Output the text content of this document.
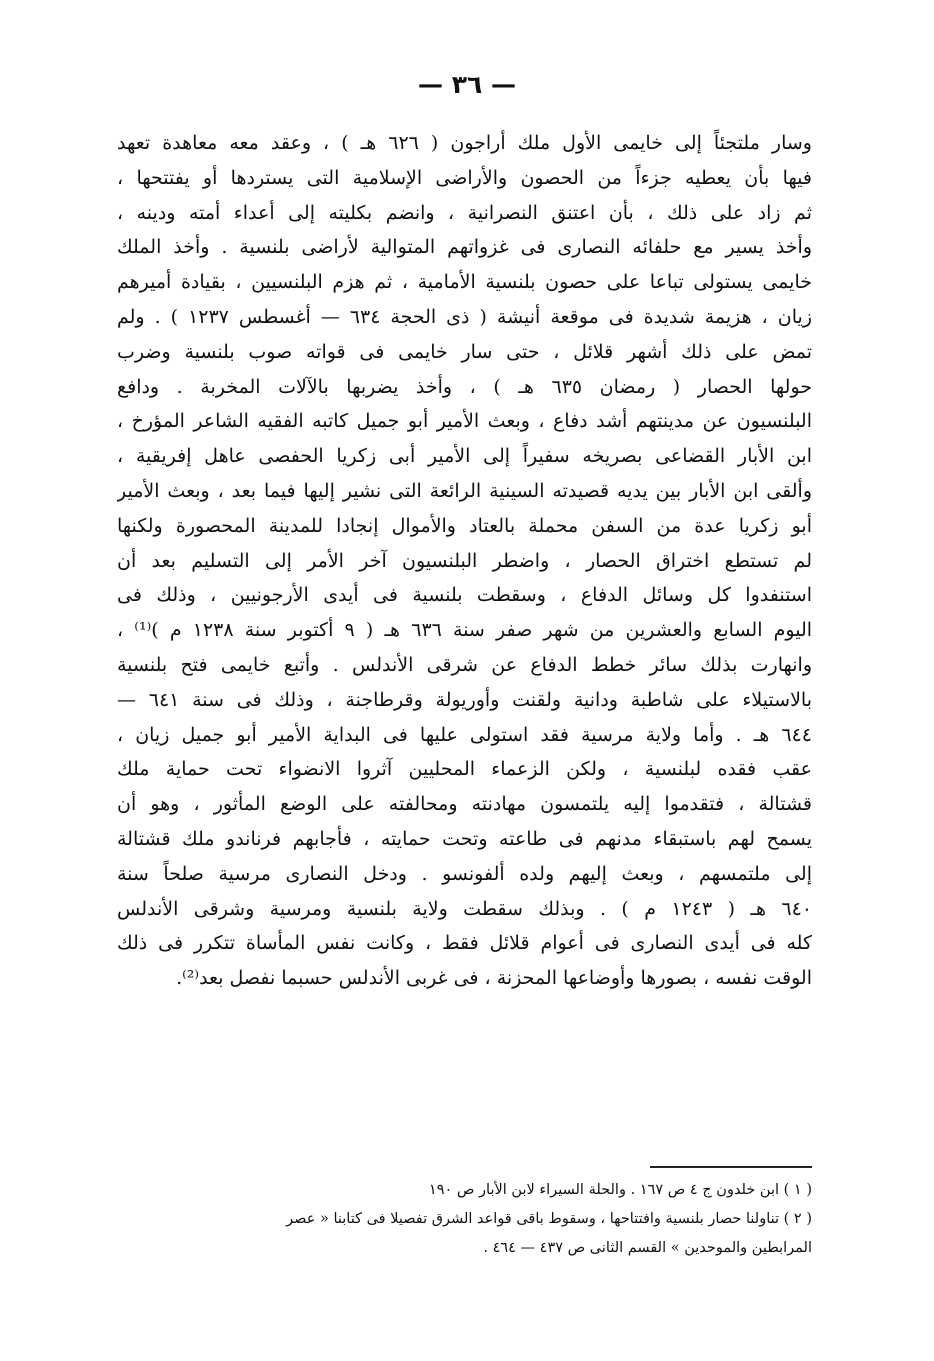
— ٣٦ —
وسار ملتجئاً إلى خايمى الأول ملك أراجون ( ٦٢٦ هـ ) ، وعقد معه معاهدة تعهد
فيها بأن يعطيه جزءاً من الحصون والأراضى الإسلامية التى يستردها أو يفتتحها ،
ثم زاد على ذلك ، بأن اعتنق النصرانية ، وانضم بكليته إلى أعداء أمته ودينه ،
وأخذ يسير مع حلفائه النصارى فى غزواتهم المتوالية لأراضى بلنسية . وأخذ الملك
خايمى يستولى تباعا على حصون بلنسية الأمامية ، ثم هزم البلنسيين ، بقيادة أميرهم
زيان ، هزيمة شديدة فى موقعة أنيشة ( ذى الحجة ٦٣٤ — أغسطس ١٢٣٧ ) . ولم
تمض على ذلك أشهر قلائل ، حتى سار خايمى فى قواته صوب بلنسية وضرب
حولها الحصار ( رمضان ٦٣٥ هـ ) ، وأخذ يضربها بالآلات المخربة . ودافع
البلنسيون عن مدينتهم أشد دفاع ، وبعث الأمير أبو جميل كاتبه الفقيه الشاعر المؤرخ ،
ابن الأبار القضاعى بصريخه سفيراً إلى الأمير أبى زكريا الحفصى عاهل إفريقية ،
وألقى ابن الأبار بين يديه قصيدته السينية الرائعة التى نشير إليها فيما بعد ، وبعث الأمير
أبو زكريا عدة من السفن محملة بالعتاد والأموال إنجادا للمدينة المحصورة ولكنها
لم تستطع اختراق الحصار ، واضطر البلنسيون آخر الأمر إلى التسليم بعد أن
استنفدوا كل وسائل الدفاع ، وسقطت بلنسية فى أيدى الأرجونيين ، وذلك فى
اليوم السابع والعشرين من شهر صفر سنة ٦٣٦ هـ ( ٩ أكتوبر سنة ١٢٣٨ م )⁽¹⁾ ،
وانهارت بذلك سائر خطط الدفاع عن شرقى الأندلس . وأتبع خايمى فتح بلنسية
بالاستيلاء على شاطبة ودانية ولقنت وأوريولة وقرطاجنة ، وذلك فى سنة ٦٤١ —
٦٤٤ هـ . وأما ولاية مرسية فقد استولى عليها فى البداية الأمير أبو جميل زيان ،
عقب فقده لبلنسية ، ولكن الزعماء المحليين آثروا الانضواء تحت حماية ملك
قشتالة ، فتقدموا إليه يلتمسون مهادنته ومحالفته على الوضع المأثور ، وهو أن
يسمح لهم باستبقاء مدنهم فى طاعته وتحت حمايته ، فأجابهم فرناندو ملك قشتالة
إلى ملتمسهم ، وبعث إليهم ولده ألفونسو . ودخل النصارى مرسية صلحاً سنة
٦٤٠ هـ ( ١٢٤٣ م ) . وبذلك سقطت ولاية بلنسية ومرسية وشرقى الأندلس
كله فى أيدى النصارى فى أعوام قلائل فقط ، وكانت نفس المأساة تتكرر فى ذلك
الوقت نفسه ، بصورها وأوضاعها المحزنة ، فى غربى الأندلس حسبما نفصل بعد⁽²⁾.
( ١ ) ابن خلدون ج ٤ ص ١٦٧ . والحلة السيراء لابن الأبار ص ١٩٠
( ٢ ) تناولنا حصار بلنسية وافتتاحها ، وسقوط باقى قواعد الشرق تفصيلا فى كتابنا « عصر
المرابطين والموحدين » القسم الثانى ص ٤٣٧ — ٤٦٤ .
